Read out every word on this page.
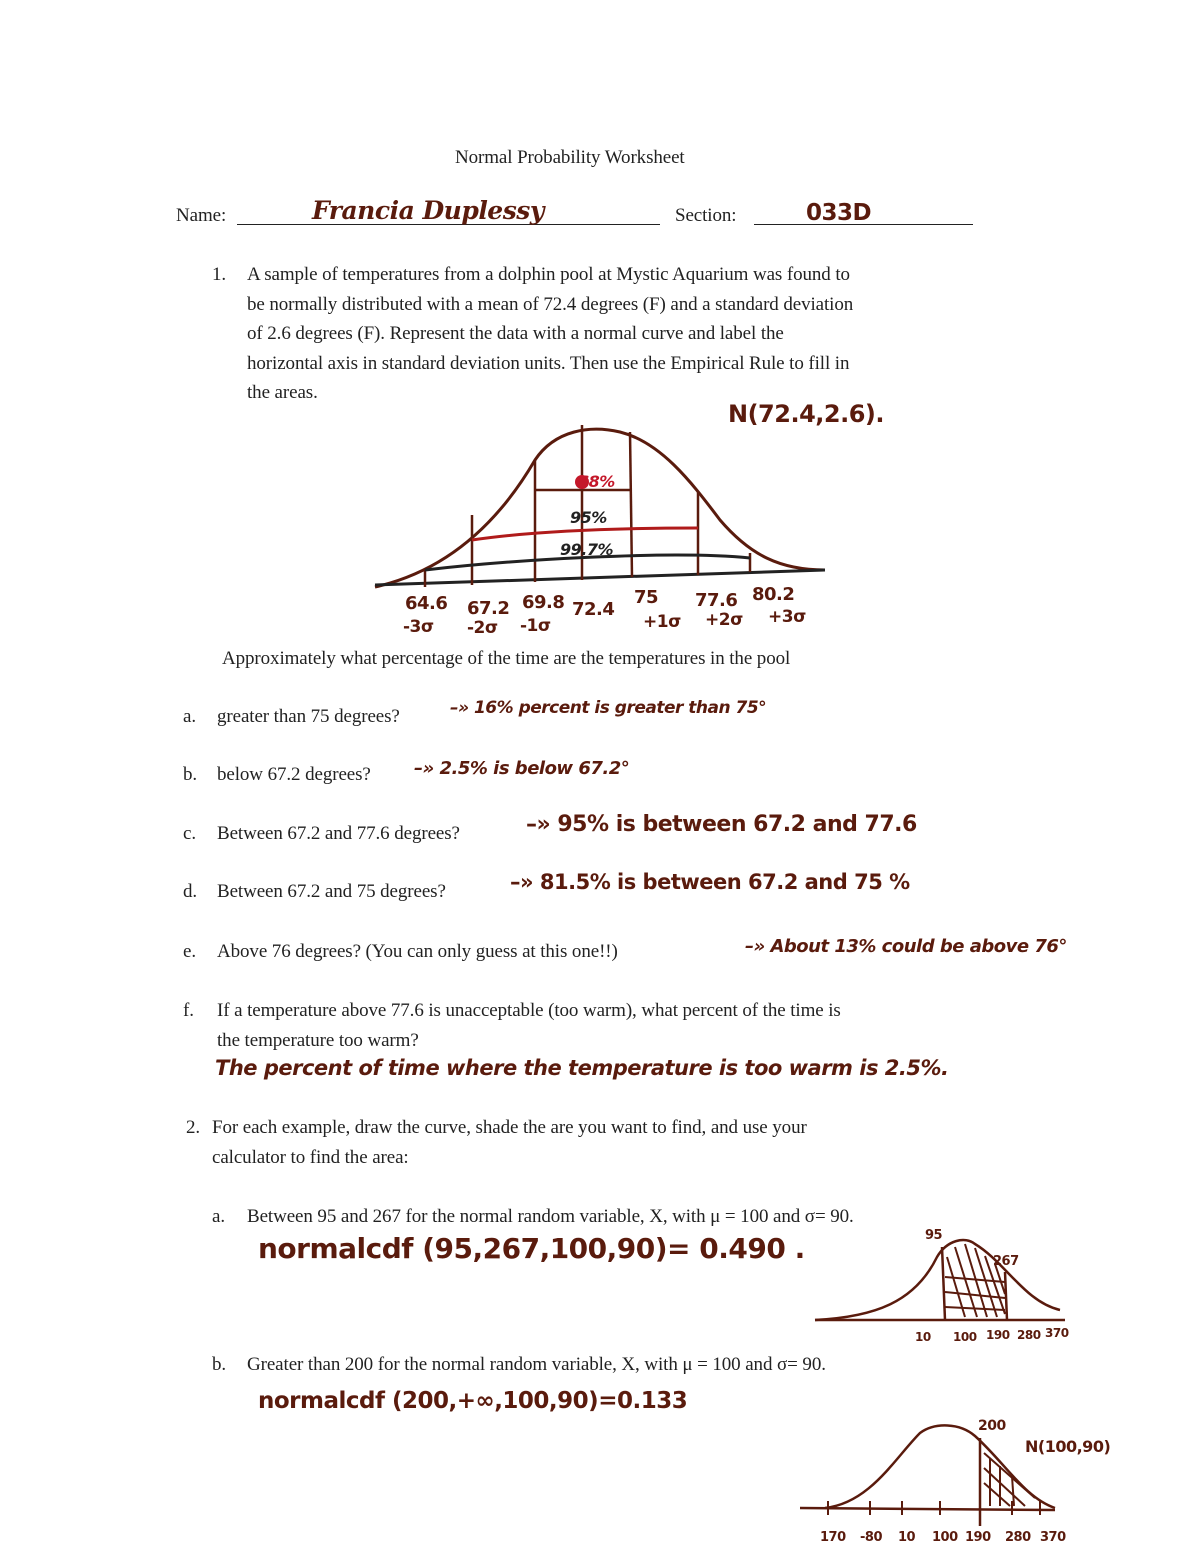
Normal Probability Worksheet
Name:	Francia Duplessy	Section:	033D
1. A sample of temperatures from a dolphin pool at Mystic Aquarium was found to
be normally distributed with a mean of 72.4 degrees (F) and a standard deviation
of 2.6 degrees (F). Represent the data with a normal curve and label the
horizontal axis in standard deviation units. Then use the Empirical Rule to fill in
the areas.
N(72.4,2.6).
68%
95%
99.7%
64.6 67.2 69.8 72.4
75 77.6 80.2
-3σ -2σ -1σ	+1σ +2σ +3σ
Approximately what percentage of the time are the temperatures in the pool
a. greater than 75 degrees?	–» 16% percent is greater than 75°
b. below 67.2 degrees? –» 2.5% is below 67.2°
c. Between 67.2 and 77.6 degrees?	–» 95% is between 67.2 and 77.6
d. Between 67.2 and 75 degrees?	–» 81.5% is between 67.2 and 75 %
e. Above 76 degrees? (You can only guess at this one!!)	–» About 13% could be above 76°
f. If a temperature above 77.6 is unacceptable (too warm), what percent of the time is
the temperature too warm?
The percent of time where the temperature is too warm is 2.5%.
2. For each example, draw the curve, shade the are you want to find, and use your
calculator to find the area:
a. Between 95 and 267 for the normal random variable, X, with μ = 100 and σ= 90.
normalcdf (95,267,100,90)= 0.490 .	95
267
10 100 190 280 370
b. Greater than 200 for the normal random variable, X, with μ = 100 and σ= 90.
normalcdf (200,+∞,100,90)=0.133
200
N(100,90)
170 -80 10 100 190 280 370
